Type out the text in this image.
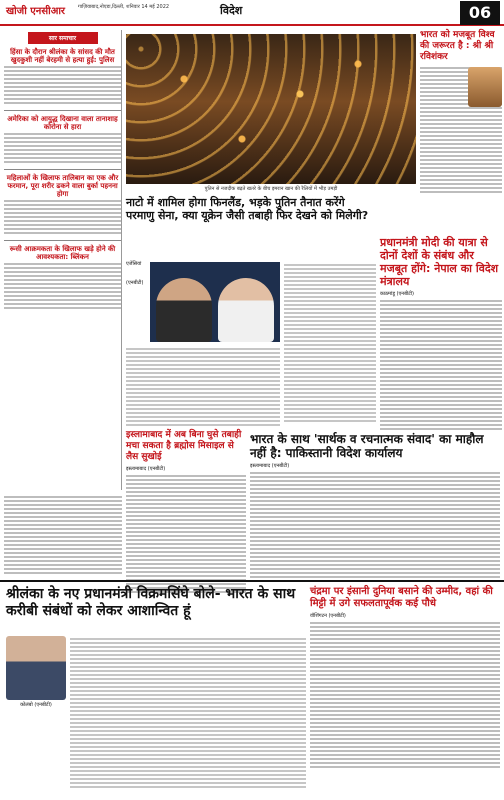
खोजी एनसीआर	गाज़ियाबाद,नोएडा,दिल्ली, शनिवार 14 मई 2022	विदेश	06
सार समाचार
हिंसा के दौरान श्रीलंका के सांसद की मौत खुदकुशी नहीं बेरहमी से हत्या हुई: पुलिस
अमेरिका को आयुद्ध दिखाना वाला तानाशाह कोरोना से हारा
महिलाओं के खिलाफ तालिबान का एक और फरमान, पूरा शरीर ढकने वाला बुर्का पहनना होगा
रूसी आक्रमकता के खिलाफ खड़े होने की आवश्यकता: ब्लिंकन
पुतिन से नजदीक बढ़ते खतरे के बीच इमरान खान की रैलियों में भीड़ उमड़ी
भारत को मजबूत विश्व की जरूरत है : श्री श्री रविशंकर
नाटो में शामिल होगा फिनलैंड, भड़के पुतिन तैनात करेंगे परमाणु सेना, क्या यूक्रेन जैसी तबाही फिर देखने को मिलेगी?
एजेंसियां (एनबीटी)
प्रधानमंत्री मोदी की यात्रा से दोनों देशों के संबंध और मजबूत होंगे: नेपाल का विदेश मंत्रालय
काठमांडू (एनबीटी)
इस्लामाबाद में अब बिना घुसे तबाही मचा सकता है ब्रह्मोस मिसाइल से लैस सुखोई
इस्लामाबाद (एनबीटी)
भारत के साथ 'सार्थक व रचनात्मक संवाद' का माहौल नहीं है: पाकिस्तानी विदेश कार्यालय
इस्लामाबाद (एनबीटी)
श्रीलंका के नए प्रधानमंत्री विक्रमसिंघे बोले- भारत के साथ करीबी संबंधों को लेकर आशान्वित हूं
कोलंबो (एनबीटी)
चंद्रमा पर इंसानी दुनिया बसाने की उम्मीद, वहां की मिट्टी में उगे सफलतापूर्वक कई पौधे
वॉशिंगटन (एनबीटी)
